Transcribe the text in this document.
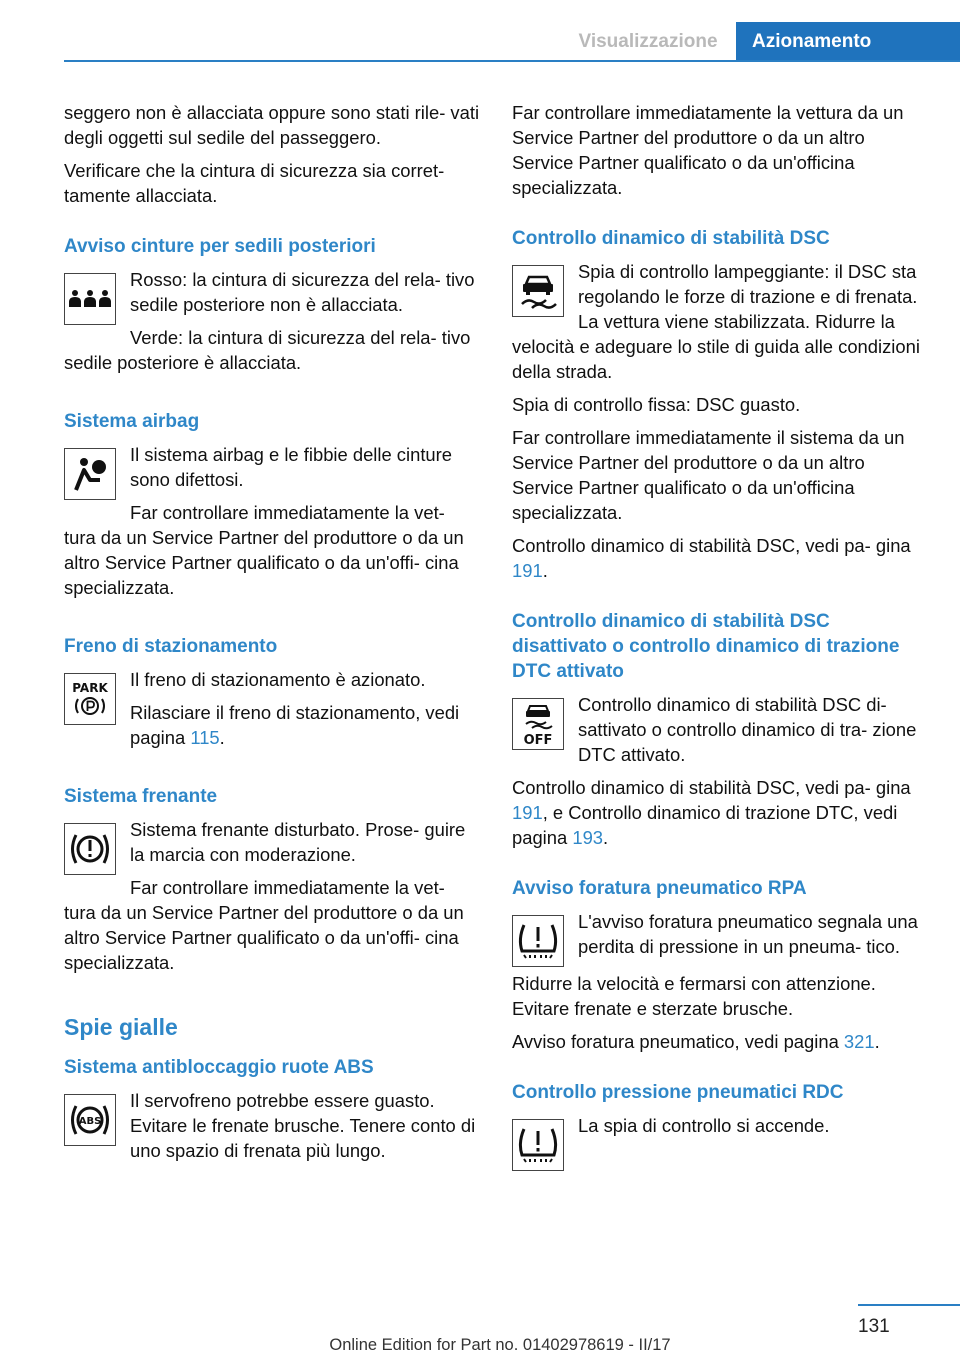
Visualizzazione	Azionamento

seggero non è allacciata oppure sono stati rile‐ vati degli oggetti sul sedile del passeggero.

Verificare che la cintura di sicurezza sia corret‐ tamente allacciata.

Avviso cinture per sedili posteriori

Rosso: la cintura di sicurezza del rela‐ tivo sedile posteriore non è allacciata.

Verde: la cintura di sicurezza del rela‐ tivo sedile posteriore è allacciata.

Sistema airbag

Il sistema airbag e le fibbie delle cinture sono difettosi.

Far controllare immediatamente la vet‐ tura da un Service Partner del produttore o da un altro Service Partner qualificato o da un'offi‐ cina specializzata.

Freno di stazionamento
PARK	Il freno di stazionamento è azionato.

Rilasciare il freno di stazionamento, vedi pagina 115.

Sistema frenante

Sistema frenante disturbato. Prose‐ guire la marcia con moderazione.

Far controllare immediatamente la vet‐ tura da un Service Partner del produttore o da un altro Service Partner qualificato o da un'offi‐ cina specializzata.

Spie gialle
Sistema antibloccaggio ruote ABS
ABS

Il servofreno potrebbe essere guasto. Evitare le frenate brusche. Tenere conto di uno spazio di frenata più lungo.

Far controllare immediatamente la vettura da un Service Partner del produttore o da un altro Service Partner qualificato o da un'officina specializzata.

Controllo dinamico di stabilità DSC

Spia di controllo lampeggiante: il DSC sta regolando le forze di trazione e di frenata. La vettura viene stabilizzata. Ridurre la velocità e adeguare lo stile di guida alle condizioni della strada.

Spia di controllo fissa: DSC guasto.

Far controllare immediatamente il sistema da un Service Partner del produttore o da un altro Service Partner qualificato o da un'officina specializzata.

Controllo dinamico di stabilità DSC, vedi pa‐ gina 191.

Controllo dinamico di stabilità DSC disattivato o controllo dinamico di trazione DTC attivato
OFF

Controllo dinamico di stabilità DSC di‐ sattivato o controllo dinamico di tra‐ zione DTC attivato.

Controllo dinamico di stabilità DSC, vedi pa‐ gina 191, e Controllo dinamico di trazione DTC, vedi pagina 193.

Avviso foratura pneumatico RPA

L'avviso foratura pneumatico segnala una perdita di pressione in un pneuma‐ tico.

Ridurre la velocità e fermarsi con attenzione. Evitare frenate e sterzate brusche.

Avviso foratura pneumatico, vedi pagina 321.

Controllo pressione pneumatici RDC

La spia di controllo si accende.

131
Online Edition for Part no. 01402978619 - II/17
